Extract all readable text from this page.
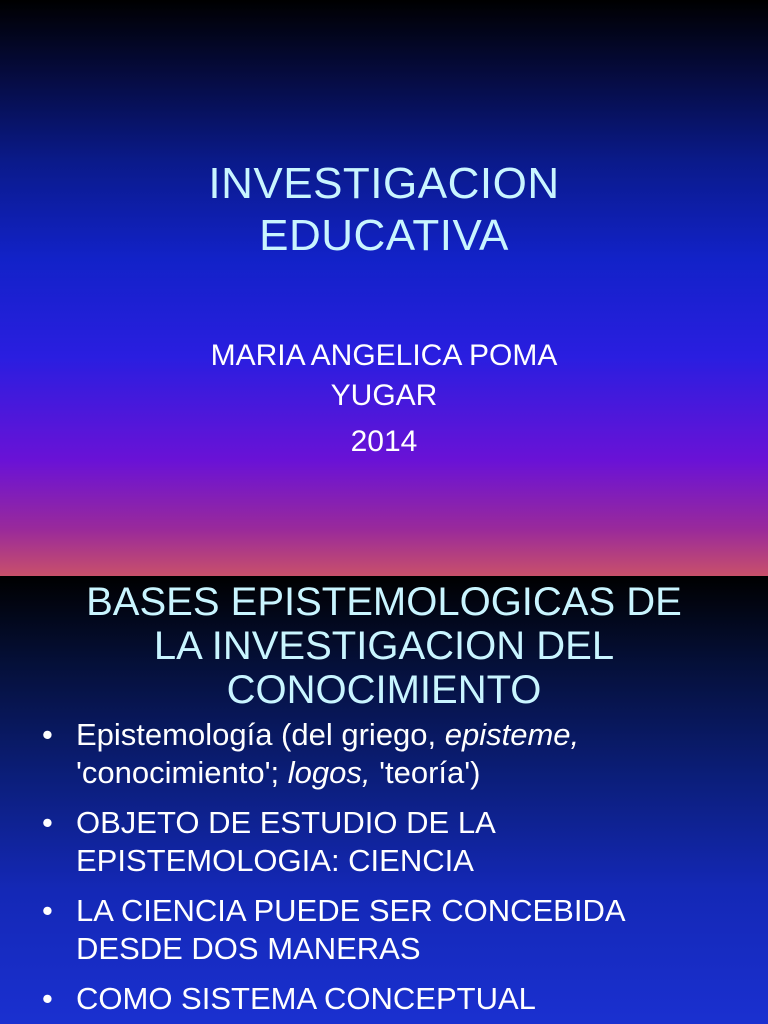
INVESTIGACION
EDUCATIVA
MARIA ANGELICA POMA
YUGAR
2014
BASES EPISTEMOLOGICAS DE
LA INVESTIGACION DEL
CONOCIMIENTO
• Epistemología (del griego, episteme,
'conocimiento'; logos, 'teoría')
• OBJETO DE ESTUDIO DE LA
EPISTEMOLOGIA: CIENCIA
• LA CIENCIA PUEDE SER CONCEBIDA
DESDE DOS MANERAS
• COMO SISTEMA CONCEPTUAL
